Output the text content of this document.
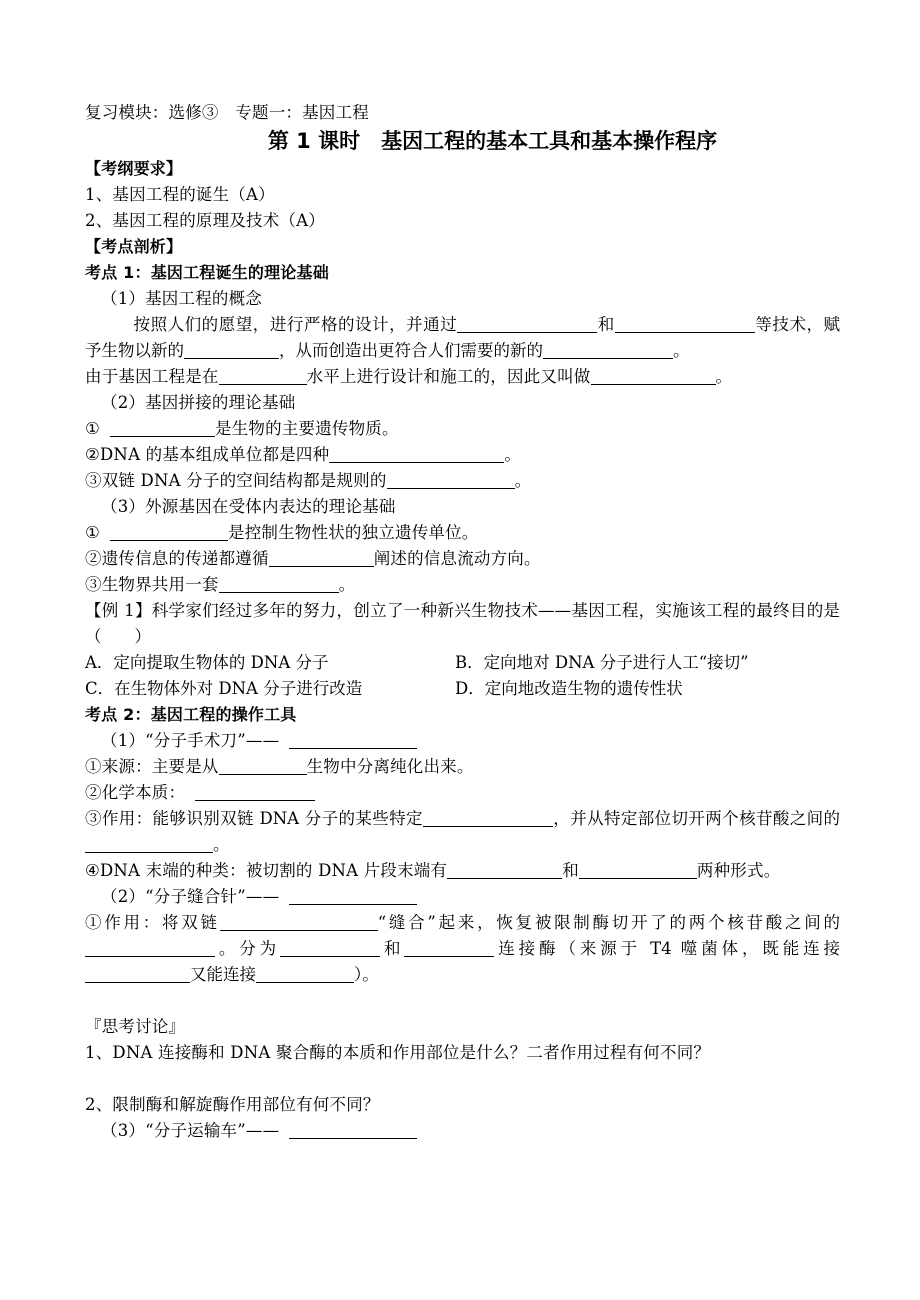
复习模块：选修③　专题一：基因工程
第 1 课时　基因工程的基本工具和基本操作程序
【考纲要求】
1、基因工程的诞生（A）
2、基因工程的原理及技术（A）
【考点剖析】
考点 1：基因工程诞生的理论基础
（1）基因工程的概念
按照人们的愿望，进行严格的设计，并通过	和	等技术，赋予生物以新的	，从而创造出更符合人们需要的新的	。
由于基因工程是在	水平上进行设计和施工的，因此又叫做	。
（2）基因拼接的理论基础
①	是生物的主要遗传物质。
②DNA 的基本组成单位都是四种	。
③双链 DNA 分子的空间结构都是规则的	。
（3）外源基因在受体内表达的理论基础
①	是控制生物性状的独立遗传单位。
②遗传信息的传递都遵循	阐述的信息流动方向。
③生物界共用一套	。
【例 1】科学家们经过多年的努力，创立了一种新兴生物技术——基因工程，实施该工程的最终目的是（　　）
A．定向提取生物体的 DNA 分子	B．定向地对 DNA 分子进行人工“接切”
C．在生物体外对 DNA 分子进行改造	D．定向地改造生物的遗传性状
考点 2：基因工程的操作工具
（1）“分子手术刀”——
①来源：主要是从	生物中分离纯化出来。
②化学本质：
③作用：能够识别双链 DNA 分子的某些特定	，并从特定部位切开两个核苷酸之间的。
④DNA 末端的种类：被切割的 DNA 片段末端有	和	两种形式。
（2）“分子缝合针”——
①作用：将双链	“缝合”起来，恢复被限制酶切开了的两个核苷酸之间的。分为	和	连接酶（来源于 T4 噬菌体，既能连接又能连接	）。
『思考讨论』
1、DNA 连接酶和 DNA 聚合酶的本质和作用部位是什么？二者作用过程有何不同？
2、限制酶和解旋酶作用部位有何不同？
（3）“分子运输车”——
